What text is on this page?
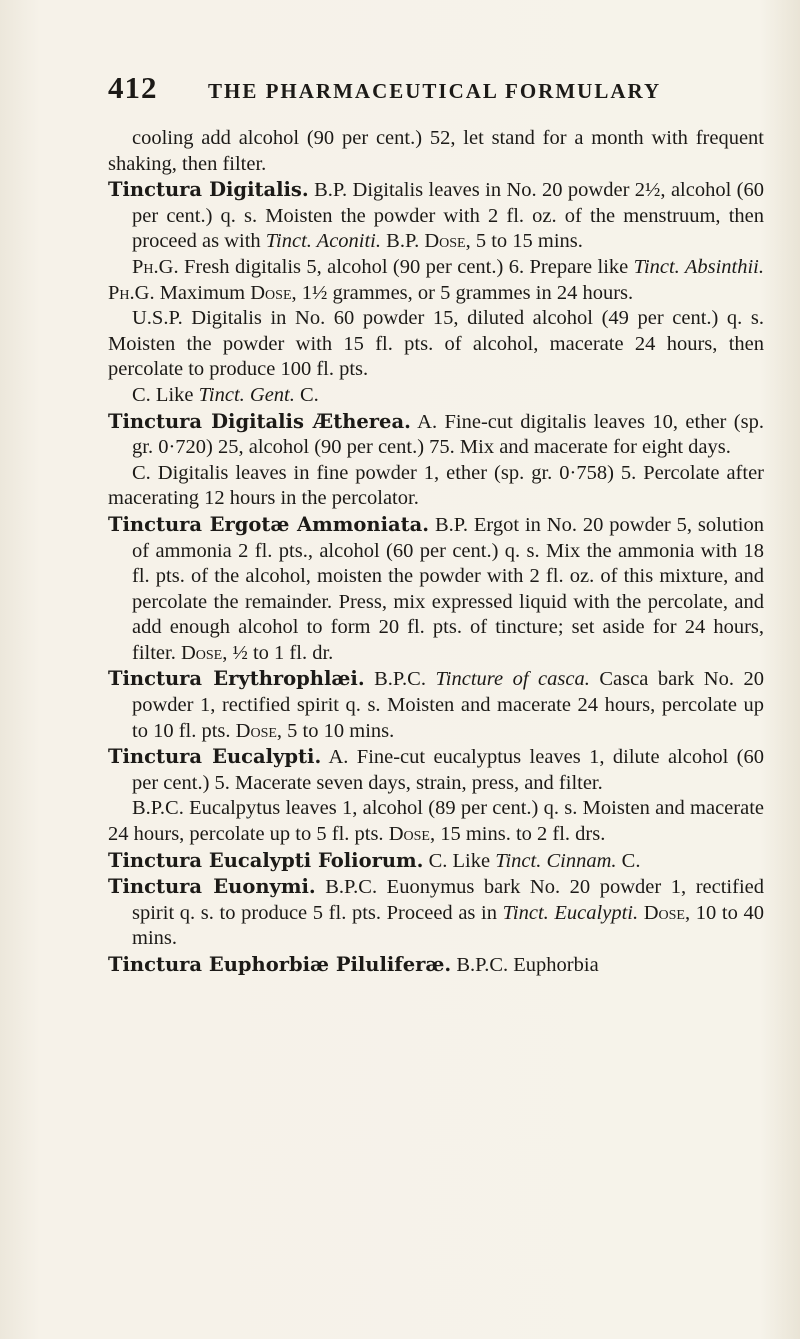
412	THE PHARMACEUTICAL FORMULARY

cooling add alcohol (90 per cent.) 52, let stand for a month with frequent shaking, then filter.

Tinctura Digitalis. B.P. Digitalis leaves in No. 20 powder 2½, alcohol (60 per cent.) q. s. Moisten the powder with 2 fl. oz. of the menstruum, then proceed as with Tinct. Aconiti. B.P. Dose, 5 to 15 mins.

Ph.G. Fresh digitalis 5, alcohol (90 per cent.) 6. Prepare like Tinct. Absinthii. Ph.G. Maximum Dose, 1½ grammes, or 5 grammes in 24 hours.

U.S.P. Digitalis in No. 60 powder 15, diluted alcohol (49 per cent.) q. s. Moisten the powder with 15 fl. pts. of alcohol, macerate 24 hours, then percolate to produce 100 fl. pts.

C. Like Tinct. Gent. C.

Tinctura Digitalis Ætherea. A. Fine-cut digitalis leaves 10, ether (sp. gr. 0·720) 25, alcohol (90 per cent.) 75. Mix and macerate for eight days.

C. Digitalis leaves in fine powder 1, ether (sp. gr. 0·758) 5. Percolate after macerating 12 hours in the percolator.

Tinctura Ergotæ Ammoniata. B.P. Ergot in No. 20 powder 5, solution of ammonia 2 fl. pts., alcohol (60 per cent.) q. s. Mix the ammonia with 18 fl. pts. of the alcohol, moisten the powder with 2 fl. oz. of this mixture, and percolate the remainder. Press, mix expressed liquid with the percolate, and add enough alcohol to form 20 fl. pts. of tincture; set aside for 24 hours, filter. Dose, ½ to 1 fl. dr.

Tinctura Erythrophlæi. B.P.C. Tincture of casca. Casca bark No. 20 powder 1, rectified spirit q. s. Moisten and macerate 24 hours, percolate up to 10 fl. pts. Dose, 5 to 10 mins.

Tinctura Eucalypti. A. Fine-cut eucalyptus leaves 1, dilute alcohol (60 per cent.) 5. Macerate seven days, strain, press, and filter.

B.P.C. Eucalpytus leaves 1, alcohol (89 per cent.) q. s. Moisten and macerate 24 hours, percolate up to 5 fl. pts. Dose, 15 mins. to 2 fl. drs.

Tinctura Eucalypti Foliorum. C. Like Tinct. Cinnam. C.

Tinctura Euonymi. B.P.C. Euonymus bark No. 20 powder 1, rectified spirit q. s. to produce 5 fl. pts. Proceed as in Tinct. Eucalypti. Dose, 10 to 40 mins.

Tinctura Euphorbiæ Piluliferæ. B.P.C. Euphorbia
